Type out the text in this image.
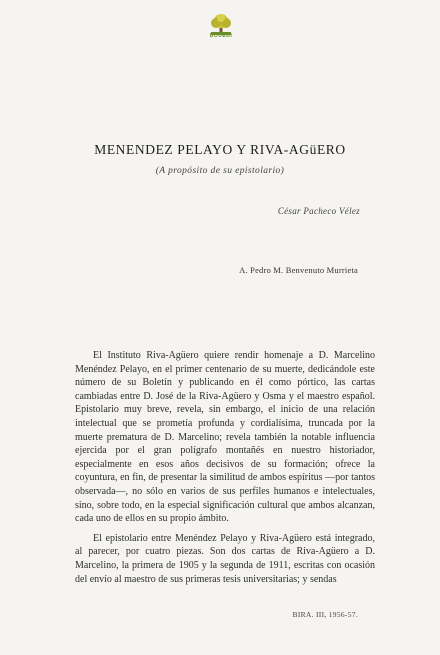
BOUEDI
MENENDEZ PELAYO Y RIVA-AGüERO
(A propósito de su epistolario)
César Pacheco Vélez
A. Pedro M. Benvenuto Murrieta

El Instituto Riva-Agüero quiere rendir homenaje a D. Marcelino Menéndez Pelayo, en el primer centenario de su muerte, dedicándole este número de su Boletín y publicando en él como pórtico, las cartas cambiadas entre D. José de la Riva-Agüero y Osma y el maestro español. Epistolario muy breve, revela, sin embargo, el inicio de una relación intelectual que se prometía profunda y cordialísima, truncada por la muerte prematura de D. Marcelino; revela también la notable influencia ejercida por el gran polígrafo montañés en nuestro historiador, especialmente en esos años decisivos de su formación; ofrece la coyuntura, en fin, de presentar la similitud de ambos espíritus —por tantos observada—, no sólo en varios de sus perfiles humanos e intelectuales, sino, sobre todo, en la especial significación cultural que ambos alcanzan, cada uno de ellos en su propio ámbito.

El epistolario entre Menéndez Pelayo y Riva-Agüero está integrado, al parecer, por cuatro piezas. Son dos cartas de Riva-Agüero a D. Marcelino, la primera de 1905 y la segunda de 1911, escritas con ocasión del envío al maestro de sus primeras tesis universitarias; y sendas

BIRA. III, 1956-57.
